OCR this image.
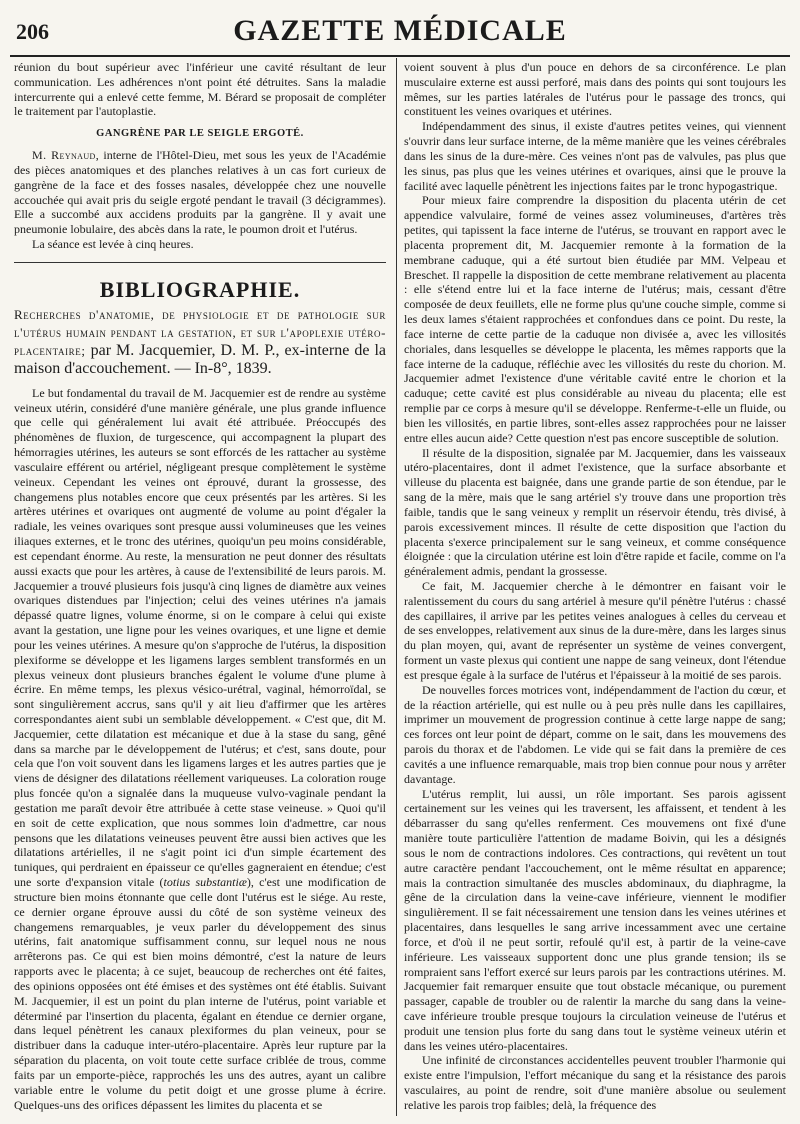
206	GAZETTE MÉDICALE

réunion du bout supérieur avec l'inférieur une cavité résultant de leur communication. Les adhérences n'ont point été détruites. Sans la maladie intercurrente qui a enlevé cette femme, M. Bérard se proposait de compléter le traitement par l'autoplastie.

GANGRÈNE PAR LE SEIGLE ERGOTÉ.

M. Reynaud, interne de l'Hôtel-Dieu, met sous les yeux de l'Académie des pièces anatomiques et des planches relatives à un cas fort curieux de gangrène de la face et des fosses nasales, développée chez une nouvelle accouchée qui avait pris du seigle ergoté pendant le travail (3 décigrammes). Elle a succombé aux accidens produits par la gangrène. Il y avait une pneumonie lobulaire, des abcès dans la rate, le poumon droit et l'utérus.

La séance est levée à cinq heures.

BIBLIOGRAPHIE.

Recherches d'anatomie, de physiologie et de pathologie sur l'utérus humain pendant la gestation, et sur l'apoplexie utéro-placentaire; par M. Jacquemier, D. M. P., ex-interne de la maison d'accouchement. — In-8°, 1839.

Le but fondamental du travail de M. Jacquemier est de rendre au système veineux utérin, considéré d'une manière générale, une plus grande influence que celle qui généralement lui avait été attribuée. Préoccupés des phénomènes de fluxion, de turgescence, qui accompagnent la plupart des hémorragies utérines, les auteurs se sont efforcés de les rattacher au système vasculaire efférent ou artériel, négligeant presque complètement le système veineux. Cependant les veines ont éprouvé, durant la grossesse, des changemens plus notables encore que ceux présentés par les artères. Si les artères utérines et ovariques ont augmenté de volume au point d'égaler la radiale, les veines ovariques sont presque aussi volumineuses que les veines iliaques externes, et le tronc des utérines, quoiqu'un peu moins considérable, est cependant énorme. Au reste, la mensuration ne peut donner des résultats aussi exacts que pour les artères, à cause de l'extensibilité de leurs parois. M. Jacquemier a trouvé plusieurs fois jusqu'à cinq lignes de diamètre aux veines ovariques distendues par l'injection; celui des veines utérines n'a jamais dépassé quatre lignes, volume énorme, si on le compare à celui qui existe avant la gestation, une ligne pour les veines ovariques, et une ligne et demie pour les veines utérines. A mesure qu'on s'approche de l'utérus, la disposition plexiforme se développe et les ligamens larges semblent transformés en un plexus veineux dont plusieurs branches égalent le volume d'une plume à écrire. En même temps, les plexus vésico-urétral, vaginal, hémorroïdal, se sont singulièrement accrus, sans qu'il y ait lieu d'affirmer que les artères correspondantes aient subi un semblable développement. « C'est que, dit M. Jacquemier, cette dilatation est mécanique et due à la stase du sang, gêné dans sa marche par le développement de l'utérus; et c'est, sans doute, pour cela que l'on voit souvent dans les ligamens larges et les autres parties que je viens de désigner des dilatations réellement variqueuses. La coloration rouge plus foncée qu'on a signalée dans la muqueuse vulvo-vaginale pendant la gestation me paraît devoir être attribuée à cette stase veineuse. » Quoi qu'il en soit de cette explication, que nous sommes loin d'admettre, car nous pensons que les dilatations veineuses peuvent être aussi bien actives que les dilatations artérielles, il ne s'agit point ici d'un simple écartement des tuniques, qui perdraient en épaisseur ce qu'elles gagneraient en étendue; c'est une sorte d'expansion vitale (totius substantiæ), c'est une modification de structure bien moins étonnante que celle dont l'utérus est le siége. Au reste, ce dernier organe éprouve aussi du côté de son système veineux des changemens remarquables, je veux parler du développement des sinus utérins, fait anatomique suffisamment connu, sur lequel nous ne nous arrêterons pas. Ce qui est bien moins démontré, c'est la nature de leurs rapports avec le placenta; à ce sujet, beaucoup de recherches ont été faites, des opinions opposées ont été émises et des systèmes ont été établis. Suivant M. Jacquemier, il est un point du plan interne de l'utérus, point variable et déterminé par l'insertion du placenta, égalant en étendue ce dernier organe, dans lequel pénètrent les canaux plexiformes du plan veineux, pour se distribuer dans la caduque inter-utéro-placentaire. Après leur rupture par la séparation du placenta, on voit toute cette surface criblée de trous, comme faits par un emporte-pièce, rapprochés les uns des autres, ayant un calibre variable entre le volume du petit doigt et une grosse plume à écrire. Quelques-uns des orifices dépassent les limites du placenta et se

voient souvent à plus d'un pouce en dehors de sa circonférence. Le plan musculaire externe est aussi perforé, mais dans des points qui sont toujours les mêmes, sur les parties latérales de l'utérus pour le passage des troncs, qui constituent les veines ovariques et utérines.

Indépendamment des sinus, il existe d'autres petites veines, qui viennent s'ouvrir dans leur surface interne, de la même manière que les veines cérébrales dans les sinus de la dure-mère. Ces veines n'ont pas de valvules, pas plus que les sinus, pas plus que les veines utérines et ovariques, ainsi que le prouve la facilité avec laquelle pénètrent les injections faites par le tronc hypogastrique.

Pour mieux faire comprendre la disposition du placenta utérin de cet appendice valvulaire, formé de veines assez volumineuses, d'artères très petites, qui tapissent la face interne de l'utérus, se trouvant en rapport avec le placenta proprement dit, M. Jacquemier remonte à la formation de la membrane caduque, qui a été surtout bien étudiée par MM. Velpeau et Breschet. Il rappelle la disposition de cette membrane relativement au placenta : elle s'étend entre lui et la face interne de l'utérus; mais, cessant d'être composée de deux feuillets, elle ne forme plus qu'une couche simple, comme si les deux lames s'étaient rapprochées et confondues dans ce point. Du reste, la face interne de cette partie de la caduque non divisée a, avec les villosités choriales, dans lesquelles se développe le placenta, les mêmes rapports que la face interne de la caduque, réfléchie avec les villosités du reste du chorion. M. Jacquemier admet l'existence d'une véritable cavité entre le chorion et la caduque; cette cavité est plus considérable au niveau du placenta; elle est remplie par ce corps à mesure qu'il se développe. Renferme-t-elle un fluide, ou bien les villosités, en partie libres, sont-elles assez rapprochées pour ne laisser entre elles aucun aide? Cette question n'est pas encore susceptible de solution.

Il résulte de la disposition, signalée par M. Jacquemier, dans les vaisseaux utéro-placentaires, dont il admet l'existence, que la surface absorbante et villeuse du placenta est baignée, dans une grande partie de son étendue, par le sang de la mère, mais que le sang artériel s'y trouve dans une proportion très faible, tandis que le sang veineux y remplit un réservoir étendu, très divisé, à parois excessivement minces. Il résulte de cette disposition que l'action du placenta s'exerce principalement sur le sang veineux, et comme conséquence éloignée : que la circulation utérine est loin d'être rapide et facile, comme on l'a généralement admis, pendant la grossesse.

Ce fait, M. Jacquemier cherche à le démontrer en faisant voir le ralentissement du cours du sang artériel à mesure qu'il pénètre l'utérus : chassé des capillaires, il arrive par les petites veines analogues à celles du cerveau et de ses enveloppes, relativement aux sinus de la dure-mère, dans les larges sinus du plan moyen, qui, avant de représenter un système de veines convergent, forment un vaste plexus qui contient une nappe de sang veineux, dont l'étendue est presque égale à la surface de l'utérus et l'épaisseur à la moitié de ses parois.

De nouvelles forces motrices vont, indépendamment de l'action du cœur, et de la réaction artérielle, qui est nulle ou à peu près nulle dans les capillaires, imprimer un mouvement de progression continue à cette large nappe de sang; ces forces ont leur point de départ, comme on le sait, dans les mouvemens des parois du thorax et de l'abdomen. Le vide qui se fait dans la première de ces cavités a une influence remarquable, mais trop bien connue pour nous y arrêter davantage.

L'utérus remplit, lui aussi, un rôle important. Ses parois agissent certainement sur les veines qui les traversent, les affaissent, et tendent à les débarrasser du sang qu'elles renferment. Ces mouvemens ont fixé d'une manière toute particulière l'attention de madame Boivin, qui les a désignés sous le nom de contractions indolores. Ces contractions, qui revêtent un tout autre caractère pendant l'accouchement, ont le même résultat en apparence; mais la contraction simultanée des muscles abdominaux, du diaphragme, la gêne de la circulation dans la veine-cave inférieure, viennent le modifier singulièrement. Il se fait nécessairement une tension dans les veines utérines et placentaires, dans lesquelles le sang arrive incessamment avec une certaine force, et d'où il ne peut sortir, refoulé qu'il est, à partir de la veine-cave inférieure. Les vaisseaux supportent donc une plus grande tension; ils se rompraient sans l'effort exercé sur leurs parois par les contractions utérines. M. Jacquemier fait remarquer ensuite que tout obstacle mécanique, ou purement passager, capable de troubler ou de ralentir la marche du sang dans la veine-cave inférieure trouble presque toujours la circulation veineuse de l'utérus et produit une tension plus forte du sang dans tout le système veineux utérin et dans les veines utéro-placentaires.

Une infinité de circonstances accidentelles peuvent troubler l'harmonie qui existe entre l'impulsion, l'effort mécanique du sang et la résistance des parois vasculaires, au point de rendre, soit d'une manière absolue ou seulement relative les parois trop faibles; delà, la fréquence des
